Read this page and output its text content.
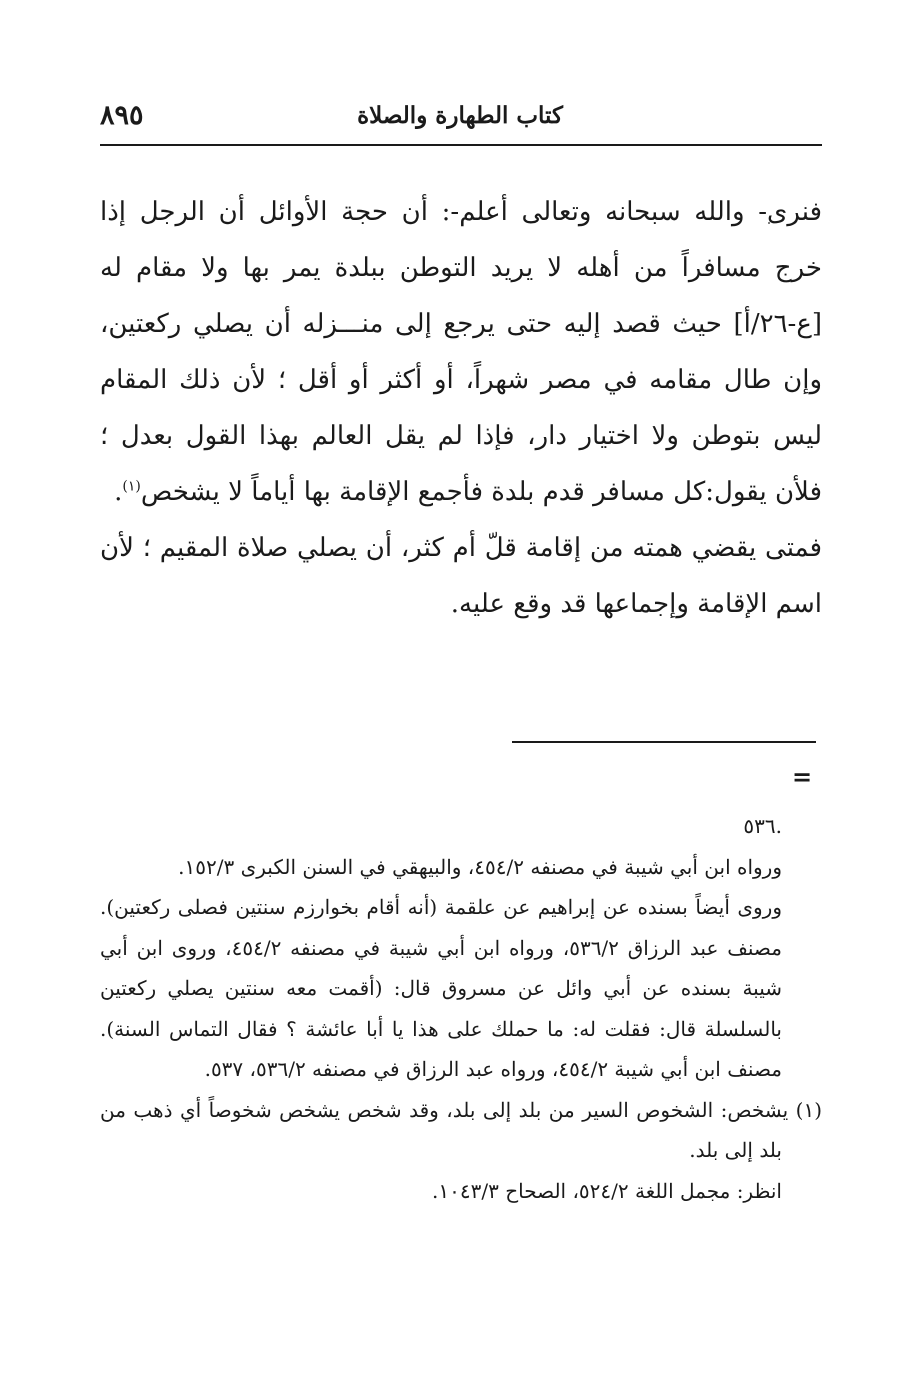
٨٩٥	كتاب الطهارة والصلاة

فنرى- والله سبحانه وتعالى أعلم-: أن حجة الأوائل أن الرجل إذا خرج مسافراً من أهله لا يريد التوطن ببلدة يمر بها ولا مقام له [ع-٢٦/أ] حيث قصد إليه حتى يرجع إلى منـــزله أن يصلي ركعتين، وإن طال مقامه في مصر شهراً، أو أكثر أو أقل ؛ لأن ذلك المقام ليس بتوطن ولا اختيار دار، فإذا لم يقل العالم بهذا القول بعدل ؛ فلأن يقول:كل مسافر قدم بلدة فأجمع الإقامة بها أياماً لا يشخص$^{(١)}$.

فمتى يقضي همته من إقامة قلّ أم كثر، أن يصلي صلاة المقيم ؛ لأن اسم الإقامة وإجماعها قد وقع عليه.

=

.٥٣٦

ورواه ابن أبي شيبة في مصنفه ٤٥٤/٢، والبيهقي في السنن الكبرى ١٥٢/٣.

وروى أيضاً بسنده عن إبراهيم عن علقمة (أنه أقام بخوارزم سنتين فصلى ركعتين). مصنف عبد الرزاق ٥٣٦/٢، ورواه ابن أبي شيبة في مصنفه ٤٥٤/٢، وروى ابن أبي شيبة بسنده عن أبي وائل عن مسروق قال: (أقمت معه سنتين يصلي ركعتين بالسلسلة قال: فقلت له: ما حملك على هذا يا أبا عائشة ؟ فقال التماس السنة). مصنف ابن أبي شيبة ٤٥٤/٢، ورواه عبد الرزاق في مصنفه ٥٣٦/٢، ٥٣٧.

(١) يشخص: الشخوص السير من بلد إلى بلد، وقد شخص يشخص شخوصاً أي ذهب من بلد إلى بلد.

انظر: مجمل اللغة ٥٢٤/٢، الصحاح ١٠٤٣/٣.
